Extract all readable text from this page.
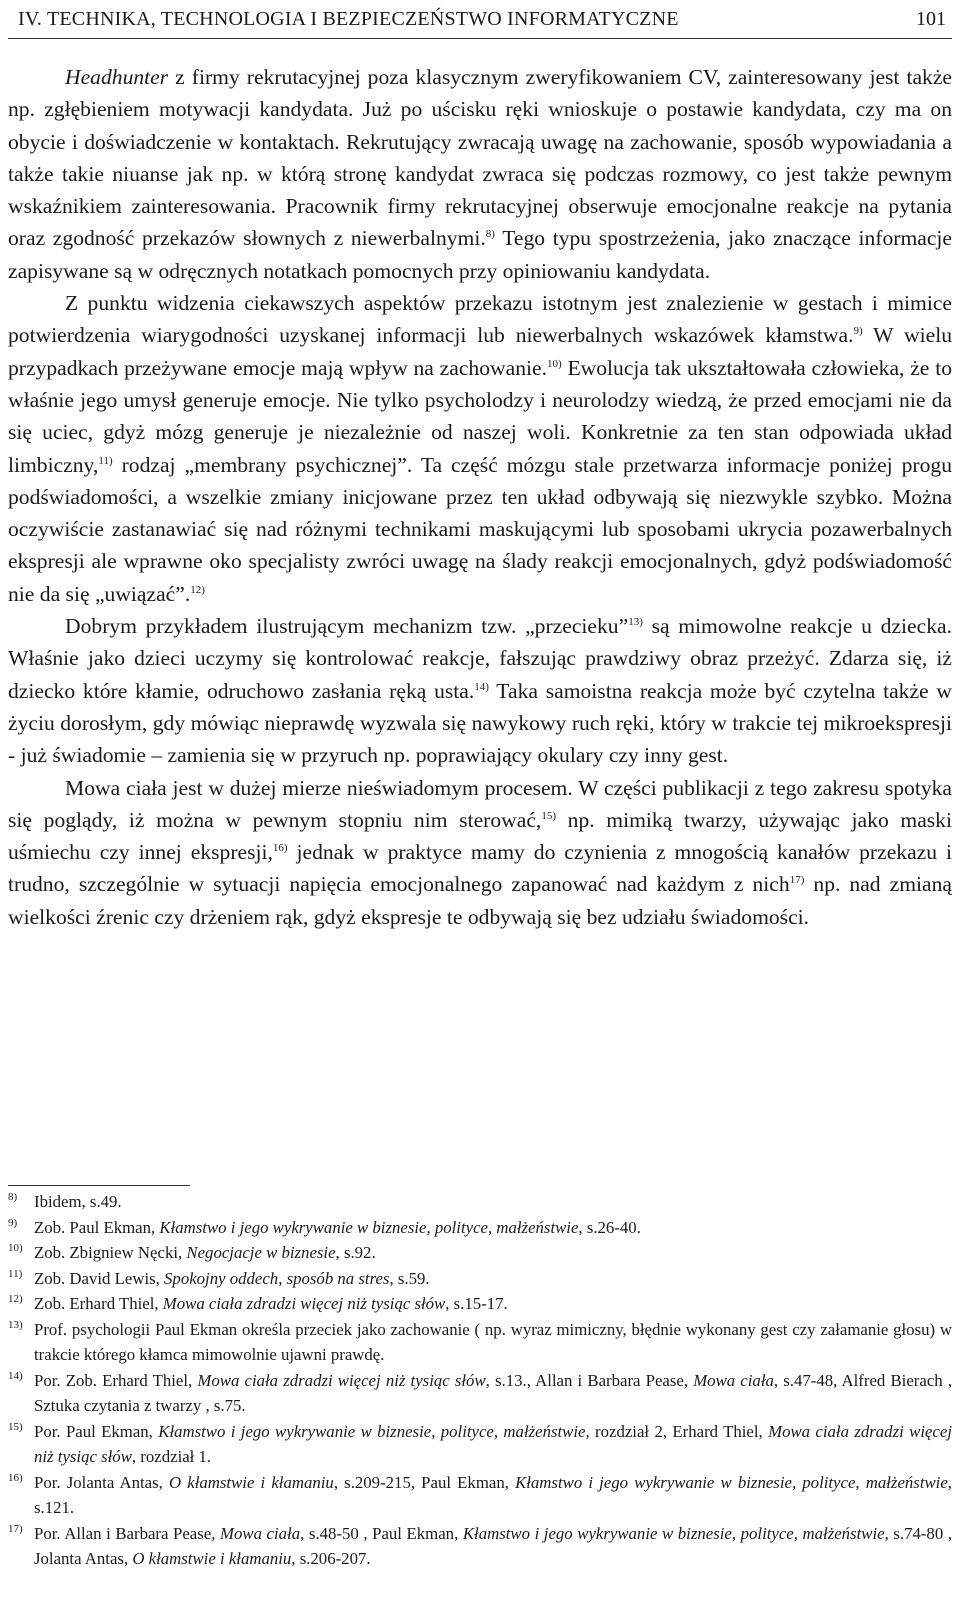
IV. TECHNIKA, TECHNOLOGIA I BEZPIECZEŃSTWO INFORMATYCZNE	101

Headhunter z firmy rekrutacyjnej poza klasycznym zweryfikowaniem CV, zainteresowany jest także np. zgłębieniem motywacji kandydata. Już po uścisku ręki wnioskuje o postawie kandydata, czy ma on obycie i doświadczenie w kontaktach. Rekrutujący zwracają uwagę na zachowanie, sposób wypowiadania a także takie niuanse jak np. w którą stronę kandydat zwraca się podczas rozmowy, co jest także pewnym wskaźnikiem zainteresowania. Pracownik firmy rekrutacyjnej obserwuje emocjonalne reakcje na pytania oraz zgodność przekazów słownych z niewerbalnymi.$^{8)}$ Tego typu spostrzeżenia, jako znaczące informacje zapisywane są w odręcznych notatkach pomocnych przy opiniowaniu kandydata.

Z punktu widzenia ciekawszych aspektów przekazu istotnym jest znalezienie w gestach i mimice potwierdzenia wiarygodności uzyskanej informacji lub niewerbalnych wskazówek kłamstwa.$^{9)}$ W wielu przypadkach przeżywane emocje mają wpływ na zachowanie.$^{10)}$ Ewolucja tak ukształtowała człowieka, że to właśnie jego umysł generuje emocje. Nie tylko psycholodzy i neurolodzy wiedzą, że przed emocjami nie da się uciec, gdyż mózg generuje je niezależnie od naszej woli. Konkretnie za ten stan odpowiada układ limbiczny,$^{11)}$ rodzaj „membrany psychicznej”. Ta część mózgu stale przetwarza informacje poniżej progu podświadomości, a wszelkie zmiany inicjowane przez ten układ odbywają się niezwykle szybko. Można oczywiście zastanawiać się nad różnymi technikami maskującymi lub sposobami ukrycia pozawerbalnych ekspresji ale wprawne oko specjalisty zwróci uwagę na ślady reakcji emocjonalnych, gdyż podświadomość nie da się „uwiązać”.$^{12)}$

Dobrym przykładem ilustrującym mechanizm tzw. „przecieku”$^{13)}$ są mimowolne reakcje u dziecka. Właśnie jako dzieci uczymy się kontrolować reakcje, fałszując prawdziwy obraz przeżyć. Zdarza się, iż dziecko które kłamie, odruchowo zasłania ręką usta.$^{14)}$ Taka samoistna reakcja może być czytelna także w życiu dorosłym, gdy mówiąc nieprawdę wyzwala się nawykowy ruch ręki, który w trakcie tej mikroekspresji - już świadomie – zamienia się w przyruch np. poprawiający okulary czy inny gest.

Mowa ciała jest w dużej mierze nieświadomym procesem. W części publikacji z tego zakresu spotyka się poglądy, iż można w pewnym stopniu nim sterować,$^{15)}$ np. mimiką twarzy, używając jako maski uśmiechu czy innej ekspresji,$^{16)}$ jednak w praktyce mamy do czynienia z mnogością kanałów przekazu i trudno, szczególnie w sytuacji napięcia emocjonalnego zapanować nad każdym z nich$^{17)}$ np. nad zmianą wielkości źrenic czy drżeniem rąk, gdyż ekspresje te odbywają się bez udziału świadomości.

8) Ibidem, s.49.
9) Zob. Paul Ekman, Kłamstwo i jego wykrywanie w biznesie, polityce, małżeństwie, s.26-40.
10) Zob. Zbigniew Nęcki, Negocjacje w biznesie, s.92.
11) Zob. David Lewis, Spokojny oddech, sposób na stres, s.59.
12) Zob. Erhard Thiel, Mowa ciała zdradzi więcej niż tysiąc słów, s.15-17.
13) Prof. psychologii Paul Ekman określa przeciek jako zachowanie ( np. wyraz mimiczny, błędnie wykonany gest czy załamanie głosu) w trakcie którego kłamca mimowolnie ujawni prawdę.
14) Por. Zob. Erhard Thiel, Mowa ciała zdradzi więcej niż tysiąc słów, s.13., Allan i Barbara Pease, Mowa ciała, s.47-48, Alfred Bierach , Sztuka czytania z twarzy , s.75.
15) Por. Paul Ekman, Kłamstwo i jego wykrywanie w biznesie, polityce, małżeństwie, rozdział 2, Erhard Thiel, Mowa ciała zdradzi więcej niż tysiąc słów, rozdział 1.
16) Por. Jolanta Antas, O kłamstwie i kłamaniu, s.209-215, Paul Ekman, Kłamstwo i jego wykrywanie w biznesie, polityce, małżeństwie, s.121.
17) Por. Allan i Barbara Pease, Mowa ciała, s.48-50 , Paul Ekman, Kłamstwo i jego wykrywanie w biznesie, polityce, małżeństwie, s.74-80 , Jolanta Antas, O kłamstwie i kłamaniu, s.206-207.
